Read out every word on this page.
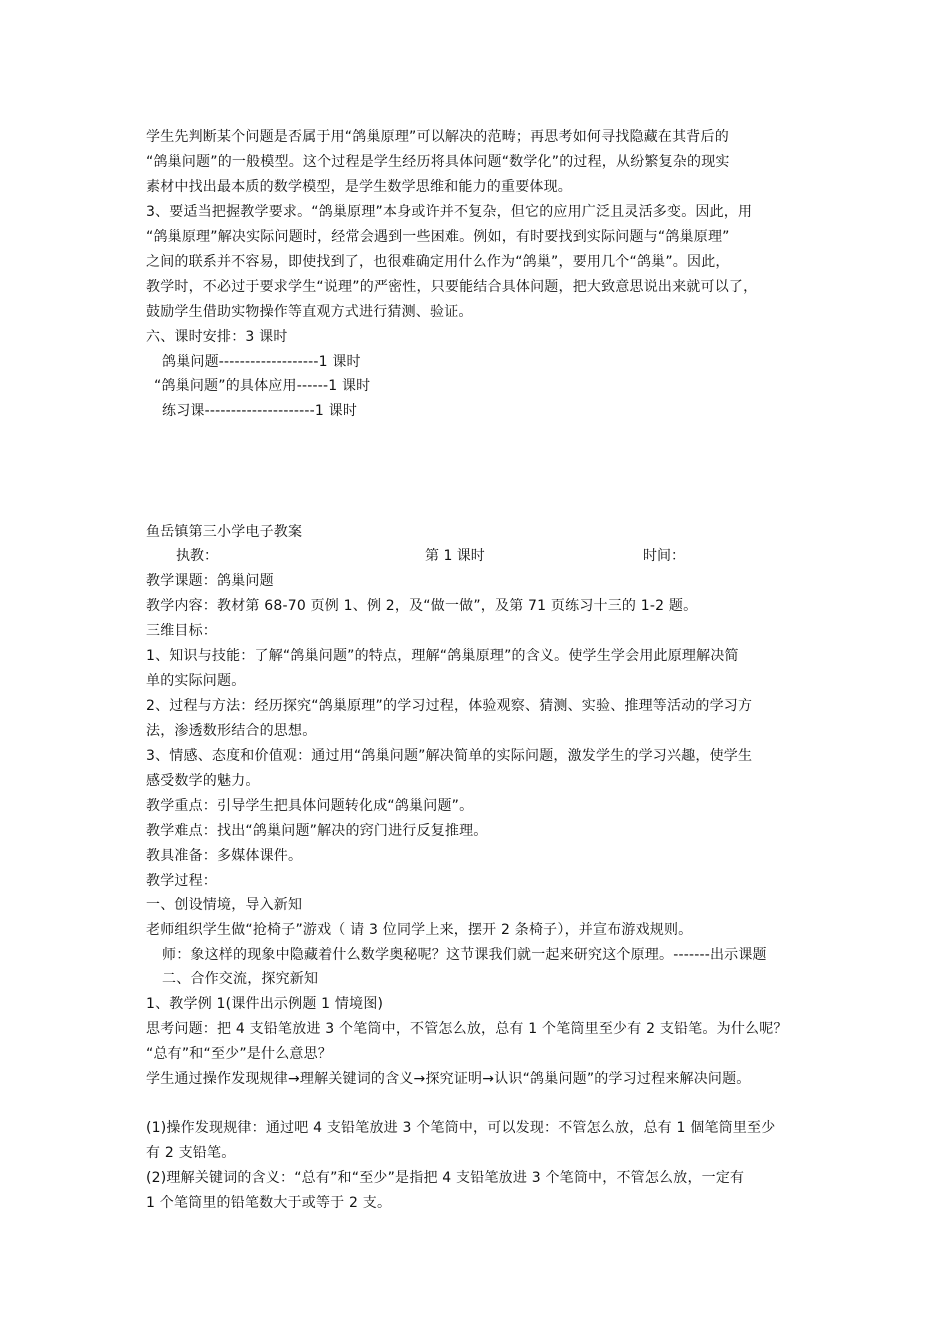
学生先判断某个问题是否属于用“鸽巢原理”可以解决的范畴；再思考如何寻找隐藏在其背后的
“鸽巢问题”的一般模型。这个过程是学生经历将具体问题“数学化”的过程，从纷繁复杂的现实
素材中找出最本质的数学模型，是学生数学思维和能力的重要体现。
3、要适当把握教学要求。“鸽巢原理”本身或许并不复杂，但它的应用广泛且灵活多变。因此，用
“鸽巢原理”解决实际问题时，经常会遇到一些困难。例如，有时要找到实际问题与“鸽巢原理”
之间的联系并不容易，即使找到了，也很难确定用什么作为“鸽巢”，要用几个“鸽巢”。因此，
教学时，不必过于要求学生“说理”的严密性，只要能结合具体问题，把大致意思说出来就可以了，
鼓励学生借助实物操作等直观方式进行猜测、验证。
六、课时安排：3 课时
鸽巢问题-------------------1 课时
“鸽巢问题”的具体应用------1 课时
练习课---------------------1 课时
鱼岳镇第三小学电子教案
执教：	第 1 课时	时间：
教学课题：鸽巢问题
教学内容：教材第 68-70 页例 1、例 2，及“做一做”，及第 71 页练习十三的 1-2 题。
三维目标：
1、知识与技能：了解“鸽巢问题”的特点，理解“鸽巢原理”的含义。使学生学会用此原理解决简
单的实际问题。
2、过程与方法：经历探究“鸽巢原理”的学习过程，体验观察、猜测、实验、推理等活动的学习方
法，渗透数形结合的思想。
3、情感、态度和价值观：通过用“鸽巢问题”解决简单的实际问题，激发学生的学习兴趣，使学生
感受数学的魅力。
教学重点：引导学生把具体问题转化成“鸽巢问题”。
教学难点：找出“鸽巢问题”解决的窍门进行反复推理。
教具准备：多媒体课件。
教学过程：
一、创设情境，导入新知
老师组织学生做“抢椅子”游戏（ 请 3 位同学上来，摆开 2 条椅子），并宣布游戏规则。
师：象这样的现象中隐藏着什么数学奥秘呢？这节课我们就一起来研究这个原理。-------出示课题
二、合作交流，探究新知
1、教学例 1(课件出示例题 1 情境图)
思考问题：把 4 支铅笔放进 3 个笔筒中，不管怎么放，总有 1 个笔筒里至少有 2 支铅笔。为什么呢？
“总有”和“至少”是什么意思？
学生通过操作发现规律→理解关键词的含义→探究证明→认识“鸽巢问题”的学习过程来解决问题。
(1)操作发现规律：通过吧 4 支铅笔放进 3 个笔筒中，可以发现：不管怎么放，总有 1 個笔筒里至少
有 2 支铅笔。
(2)理解关键词的含义：“总有”和“至少”是指把 4 支铅笔放进 3 个笔筒中，不管怎么放，一定有
1 个笔筒里的铅笔数大于或等于 2 支。
